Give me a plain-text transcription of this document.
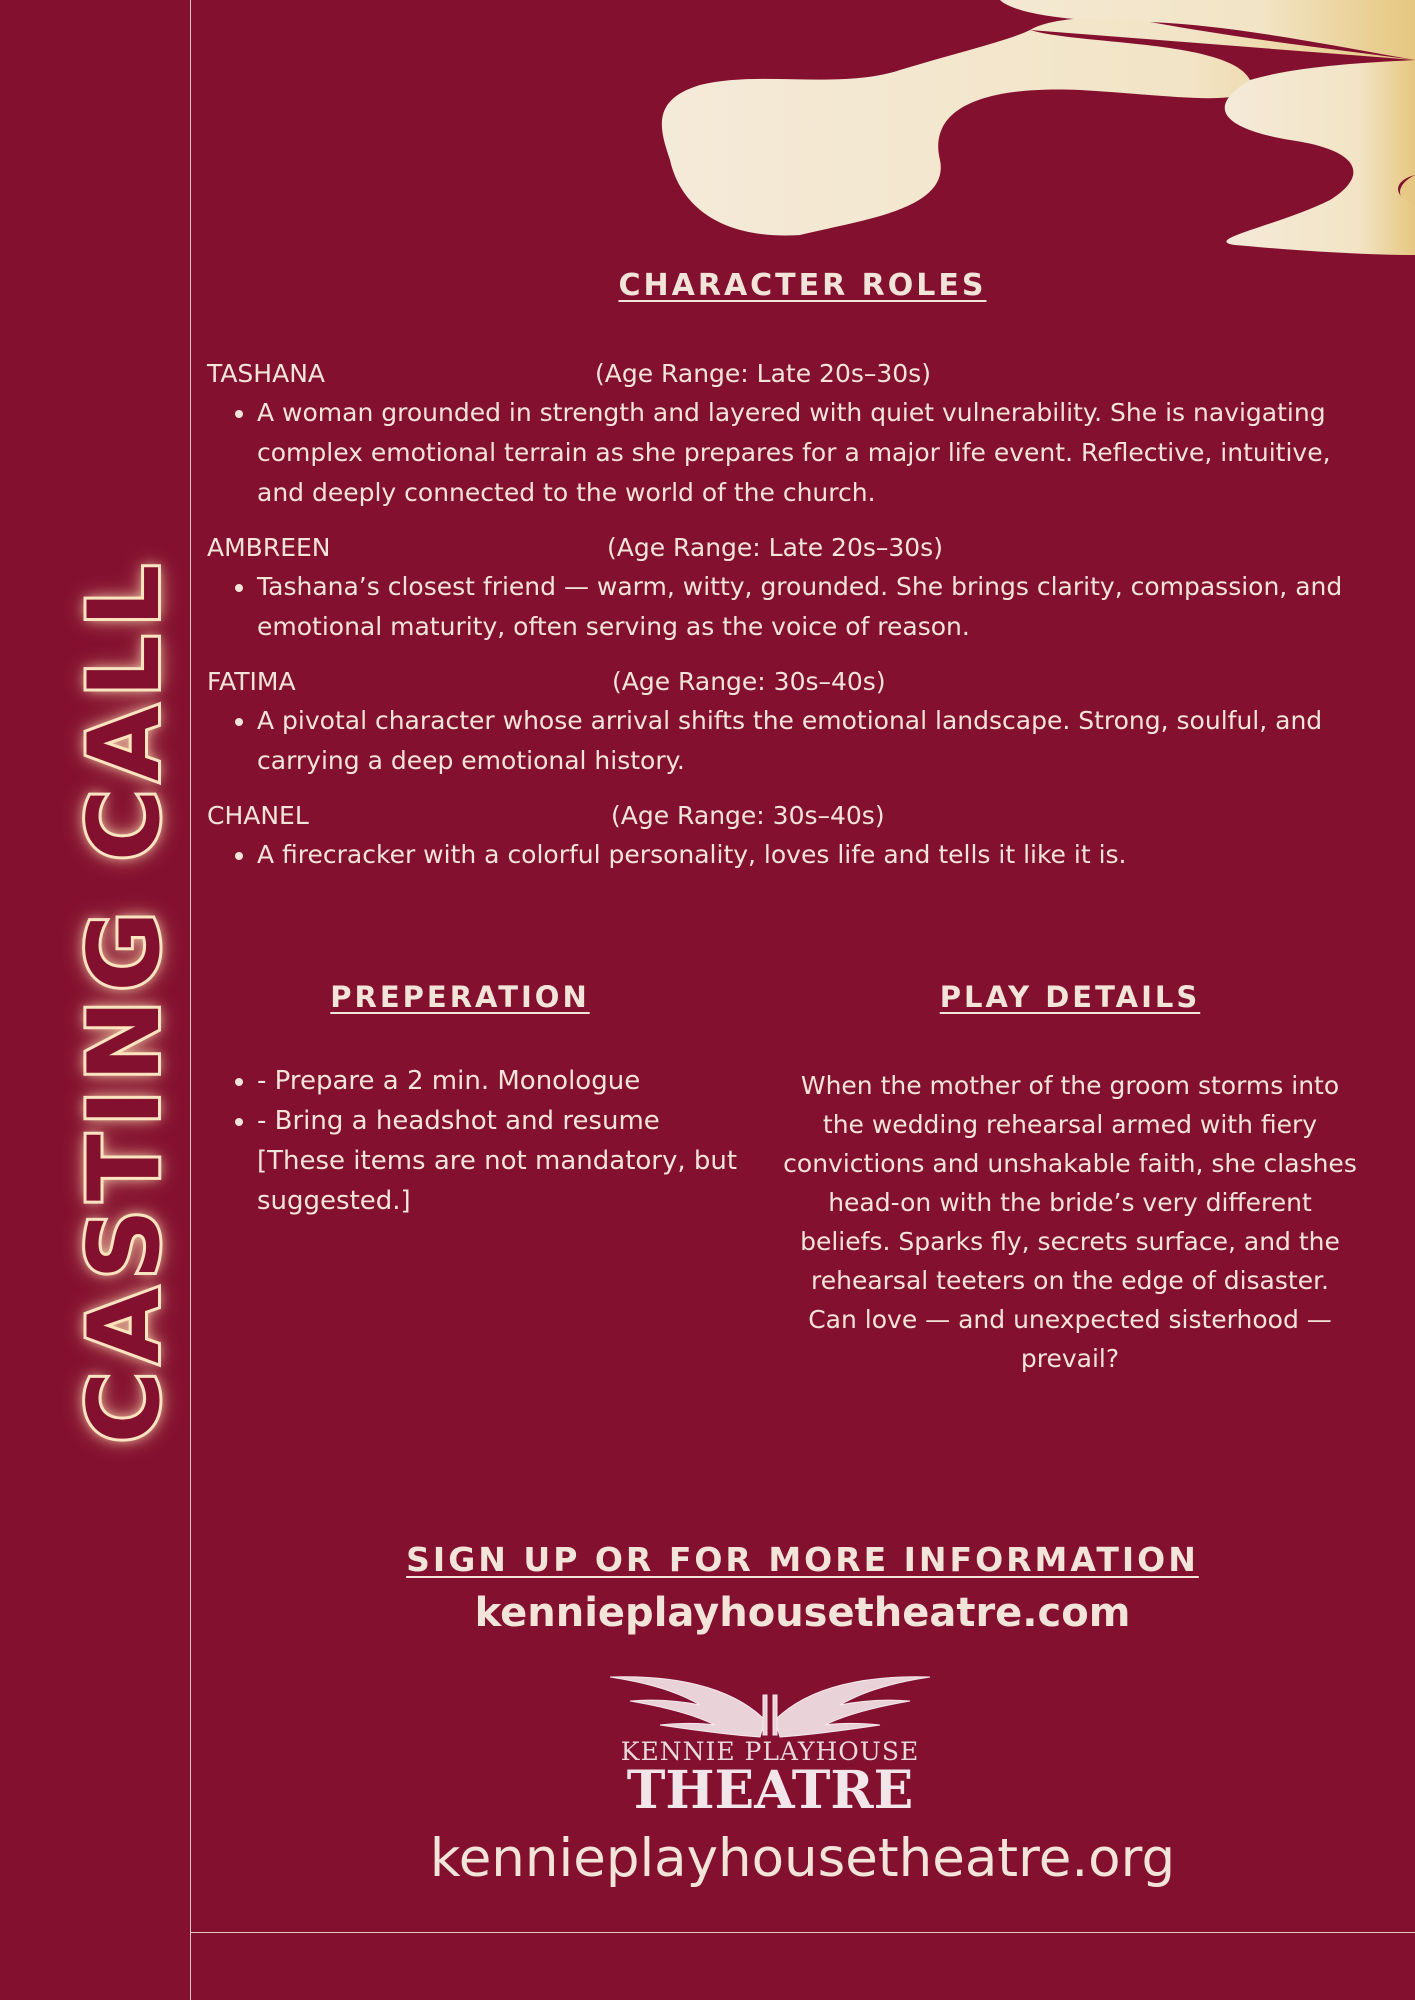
CASTING CALL
CHARACTER ROLES
TASHANA	(Age Range: Late 20s–30s)
• A woman grounded in strength and layered with quiet vulnerability. She is navigating complex emotional terrain as she prepares for a major life event. Reflective, intuitive, and deeply connected to the world of the church.
AMBREEN	(Age Range: Late 20s–30s)
• Tashana’s closest friend — warm, witty, grounded. She brings clarity, compassion, and emotional maturity, often serving as the voice of reason.
FATIMA	(Age Range: 30s–40s)
• A pivotal character whose arrival shifts the emotional landscape. Strong, soulful, and carrying a deep emotional history.
CHANEL	(Age Range: 30s–40s)
• A firecracker with a colorful personality, loves life and tells it like it is.
PREPERATION
• - Prepare a 2 min. Monologue
• - Bring a headshot and resume
[These items are not mandatory, but suggested.]
PLAY DETAILS
When the mother of the groom storms into the wedding rehearsal armed with fiery convictions and unshakable faith, she clashes head-on with the bride’s very different beliefs. Sparks fly, secrets surface, and the rehearsal teeters on the edge of disaster.
Can love — and unexpected sisterhood — prevail?
SIGN UP OR FOR MORE INFORMATION
kennieplayhousetheatre.com
KENNIE PLAYHOUSE
THEATRE
kennieplayhousetheatre.org
